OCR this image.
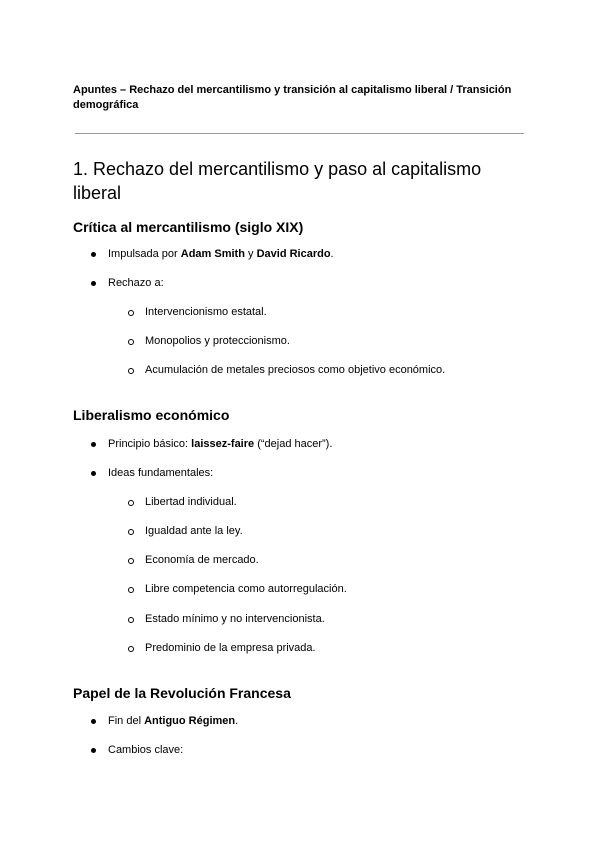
Apuntes – Rechazo del mercantilismo y transición al capitalismo liberal / Transición demográfica
1. Rechazo del mercantilismo y paso al capitalismo liberal
Crítica al mercantilismo (siglo XIX)
Impulsada por Adam Smith y David Ricardo.
Rechazo a:
Intervencionismo estatal.
Monopolios y proteccionismo.
Acumulación de metales preciosos como objetivo económico.
Liberalismo económico
Principio básico: laissez-faire (“dejad hacer”).
Ideas fundamentales:
Libertad individual.
Igualdad ante la ley.
Economía de mercado.
Libre competencia como autorregulación.
Estado mínimo y no intervencionista.
Predominio de la empresa privada.
Papel de la Revolución Francesa
Fin del Antiguo Régimen.
Cambios clave:
